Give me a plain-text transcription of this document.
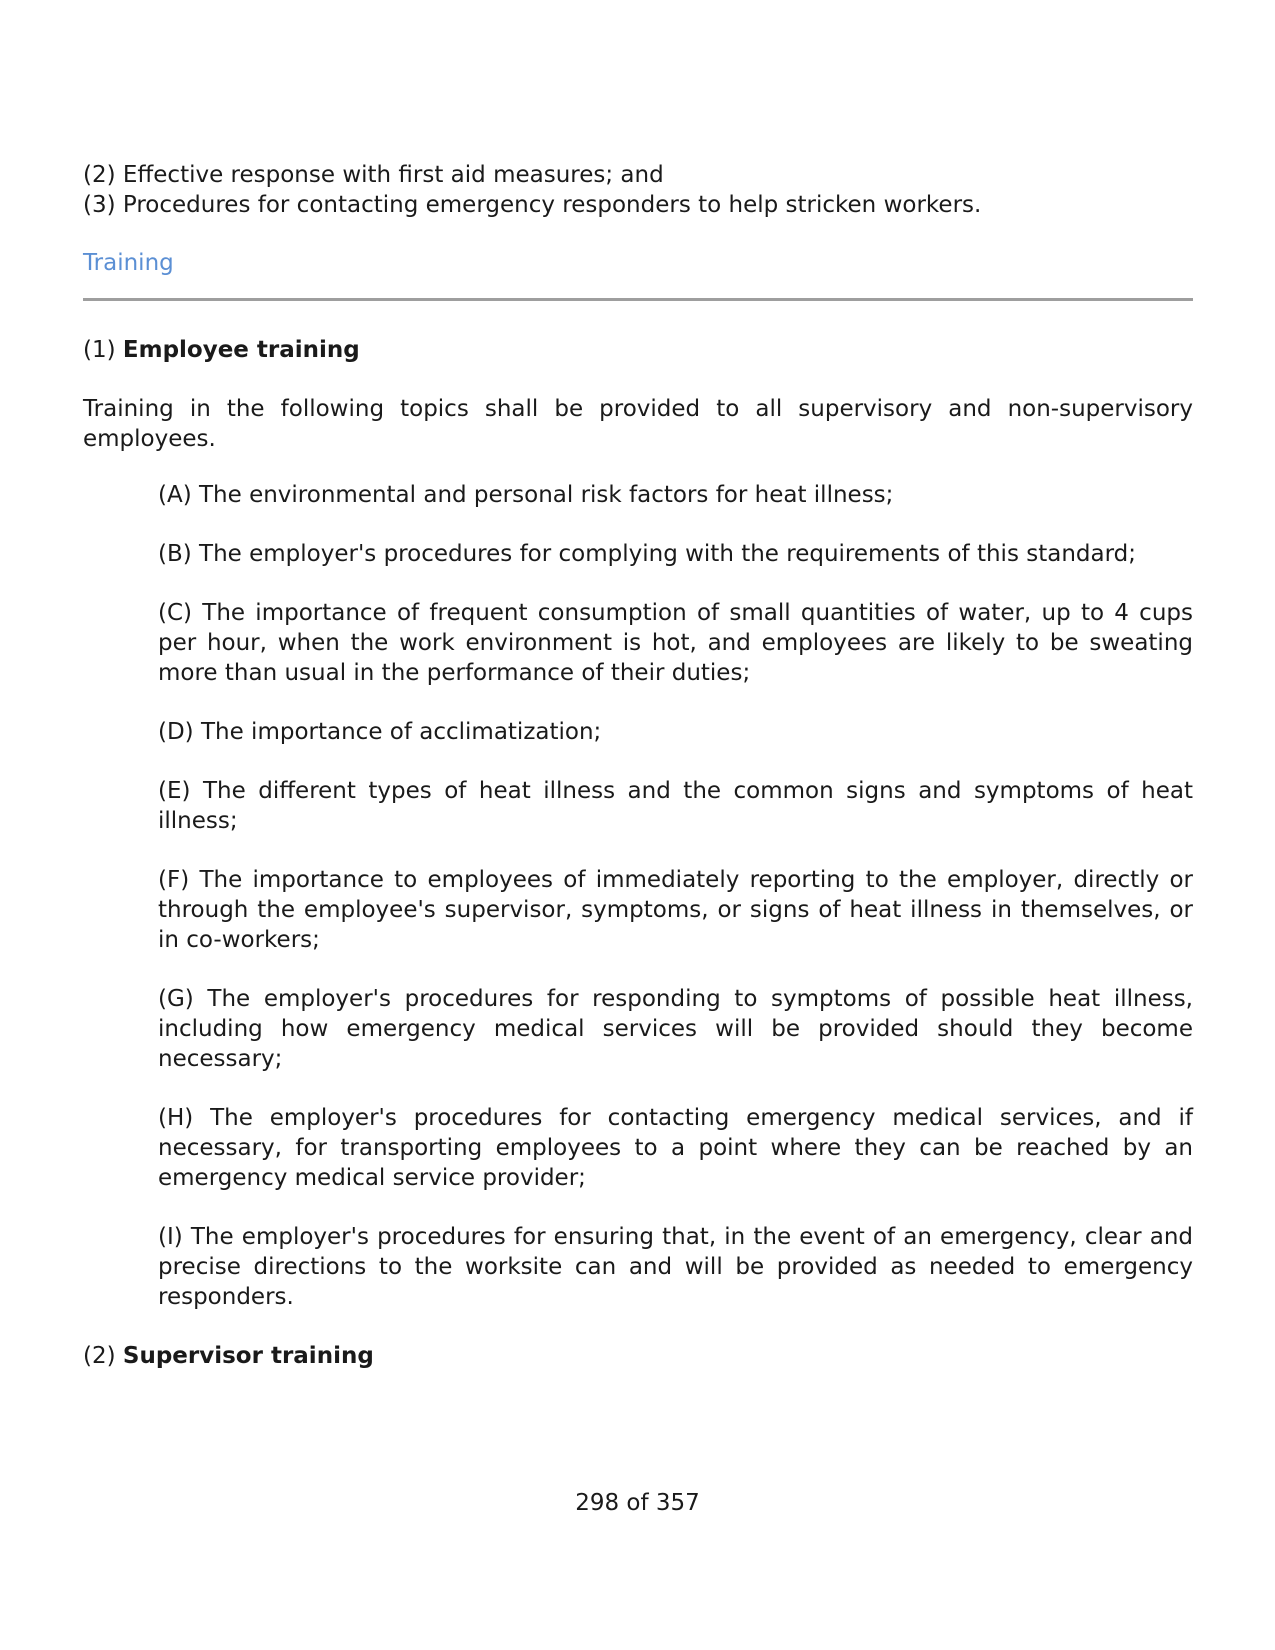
(2) Effective response with first aid measures; and

(3) Procedures for contacting emergency responders to help stricken workers.

Training
(1) Employee training

Training in the following topics shall be provided to all supervisory and non-supervisory employees.

(A) The environmental and personal risk factors for heat illness;

(B) The employer's procedures for complying with the requirements of this standard;

(C) The importance of frequent consumption of small quantities of water, up to 4 cups per hour, when the work environment is hot, and employees are likely to be sweating more than usual in the performance of their duties;

(D) The importance of acclimatization;

(E) The different types of heat illness and the common signs and symptoms of heat illness;

(F) The importance to employees of immediately reporting to the employer, directly or through the employee's supervisor, symptoms, or signs of heat illness in themselves, or in co-workers;

(G) The employer's procedures for responding to symptoms of possible heat illness, including how emergency medical services will be provided should they become necessary;

(H) The employer's procedures for contacting emergency medical services, and if necessary, for transporting employees to a point where they can be reached by an emergency medical service provider;

(I) The employer's procedures for ensuring that, in the event of an emergency, clear and precise directions to the worksite can and will be provided as needed to emergency responders.

(2) Supervisor training
298 of 357
